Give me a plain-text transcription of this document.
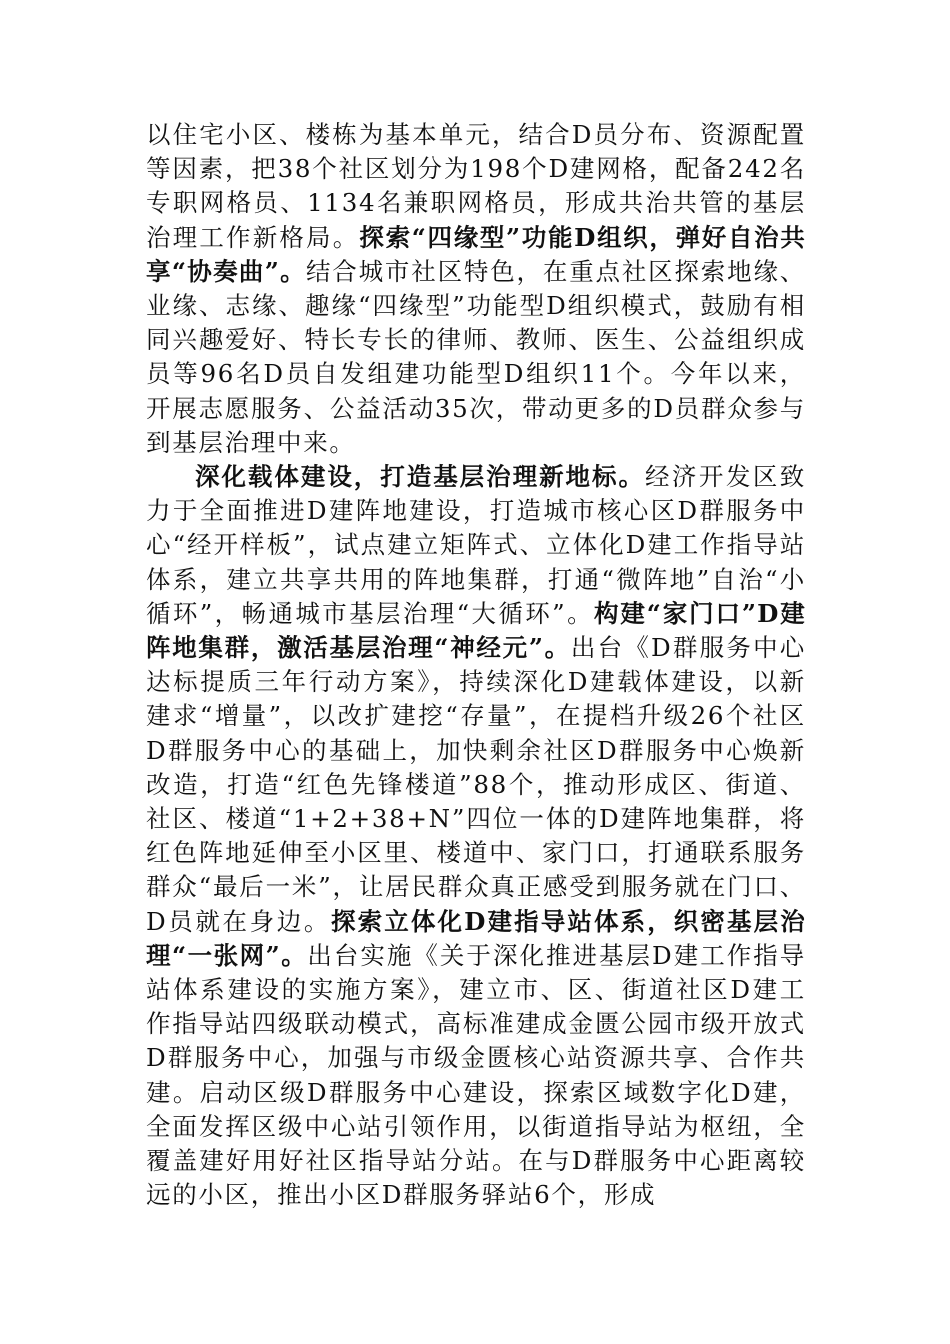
以住宅小区、楼栋为基本单元，结合D员分布、资源配置等因素，把38个社区划分为198个D建网格，配备242名专职网格员、1134名兼职网格员，形成共治共管的基层治理工作新格局。探索“四缘型”功能D组织，弹好自治共享“协奏曲”。结合城市社区特色，在重点社区探索地缘、业缘、志缘、趣缘“四缘型”功能型D组织模式，鼓励有相同兴趣爱好、特长专长的律师、教师、医生、公益组织成员等96名D员自发组建功能型D组织11个。今年以来，开展志愿服务、公益活动35次，带动更多的D员群众参与到基层治理中来。

深化载体建设，打造基层治理新地标。经济开发区致力于全面推进D建阵地建设，打造城市核心区D群服务中心“经开样板”，试点建立矩阵式、立体化D建工作指导站体系，建立共享共用的阵地集群，打通“微阵地”自治“小循环”，畅通城市基层治理“大循环”。构建“家门口”D建阵地集群，激活基层治理“神经元”。出台《D群服务中心达标提质三年行动方案》，持续深化D建载体建设，以新建求“增量”，以改扩建挖“存量”，在提档升级26个社区D群服务中心的基础上，加快剩余社区D群服务中心焕新改造，打造“红色先锋楼道”88个，推动形成区、街道、社区、楼道“1+2+38+N”四位一体的D建阵地集群，将红色阵地延伸至小区里、楼道中、家门口，打通联系服务群众“最后一米”，让居民群众真正感受到服务就在门口、D员就在身边。探索立体化D建指导站体系，织密基层治理“一张网”。出台实施《关于深化推进基层D建工作指导站体系建设的实施方案》，建立市、区、街道社区D建工作指导站四级联动模式，高标准建成金匮公园市级开放式D群服务中心，加强与市级金匮核心站资源共享、合作共建。启动区级D群服务中心建设，探索区域数字化D建，全面发挥区级中心站引领作用，以街道指导站为枢纽，全覆盖建好用好社区指导站分站。在与D群服务中心距离较远的小区，推出小区D群服务驿站6个，形成
